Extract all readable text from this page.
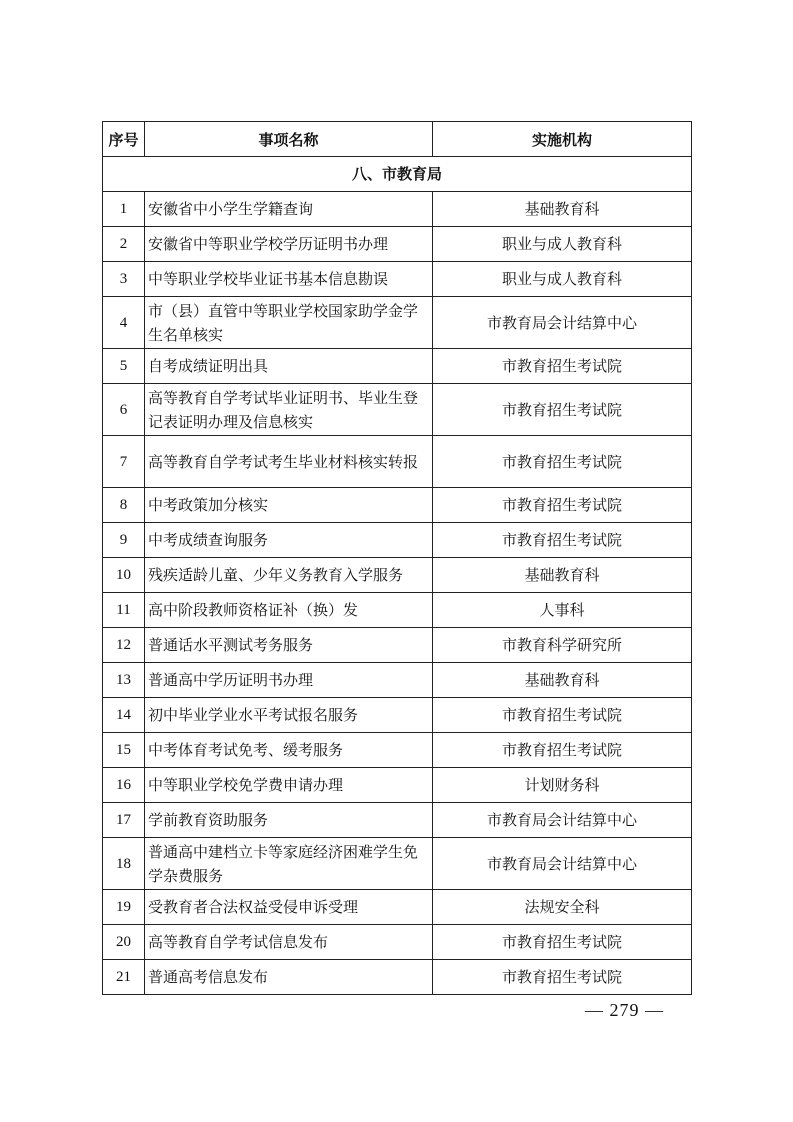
序号	事项名称	实施机构
八、市教育局		
1	安徽省中小学生学籍查询	基础教育科
2	安徽省中等职业学校学历证明书办理	职业与成人教育科
3	中等职业学校毕业证书基本信息勘误	职业与成人教育科
4	市（县）直管中等职业学校国家助学金学生名单核实	市教育局会计结算中心
5	自考成绩证明出具	市教育招生考试院
6	高等教育自学考试毕业证明书、毕业生登记表证明办理及信息核实	市教育招生考试院
7	高等教育自学考试考生毕业材料核实转报	市教育招生考试院
8	中考政策加分核实	市教育招生考试院
9	中考成绩查询服务	市教育招生考试院
10	残疾适龄儿童、少年义务教育入学服务	基础教育科
11	高中阶段教师资格证补（换）发	人事科
12	普通话水平测试考务服务	市教育科学研究所
13	普通高中学历证明书办理	基础教育科
14	初中毕业学业水平考试报名服务	市教育招生考试院
15	中考体育考试免考、缓考服务	市教育招生考试院
16	中等职业学校免学费申请办理	计划财务科
17	学前教育资助服务	市教育局会计结算中心
18	普通高中建档立卡等家庭经济困难学生免学杂费服务	市教育局会计结算中心
19	受教育者合法权益受侵申诉受理	法规安全科
20	高等教育自学考试信息发布	市教育招生考试院
21	普通高考信息发布	市教育招生考试院
— 279 —
